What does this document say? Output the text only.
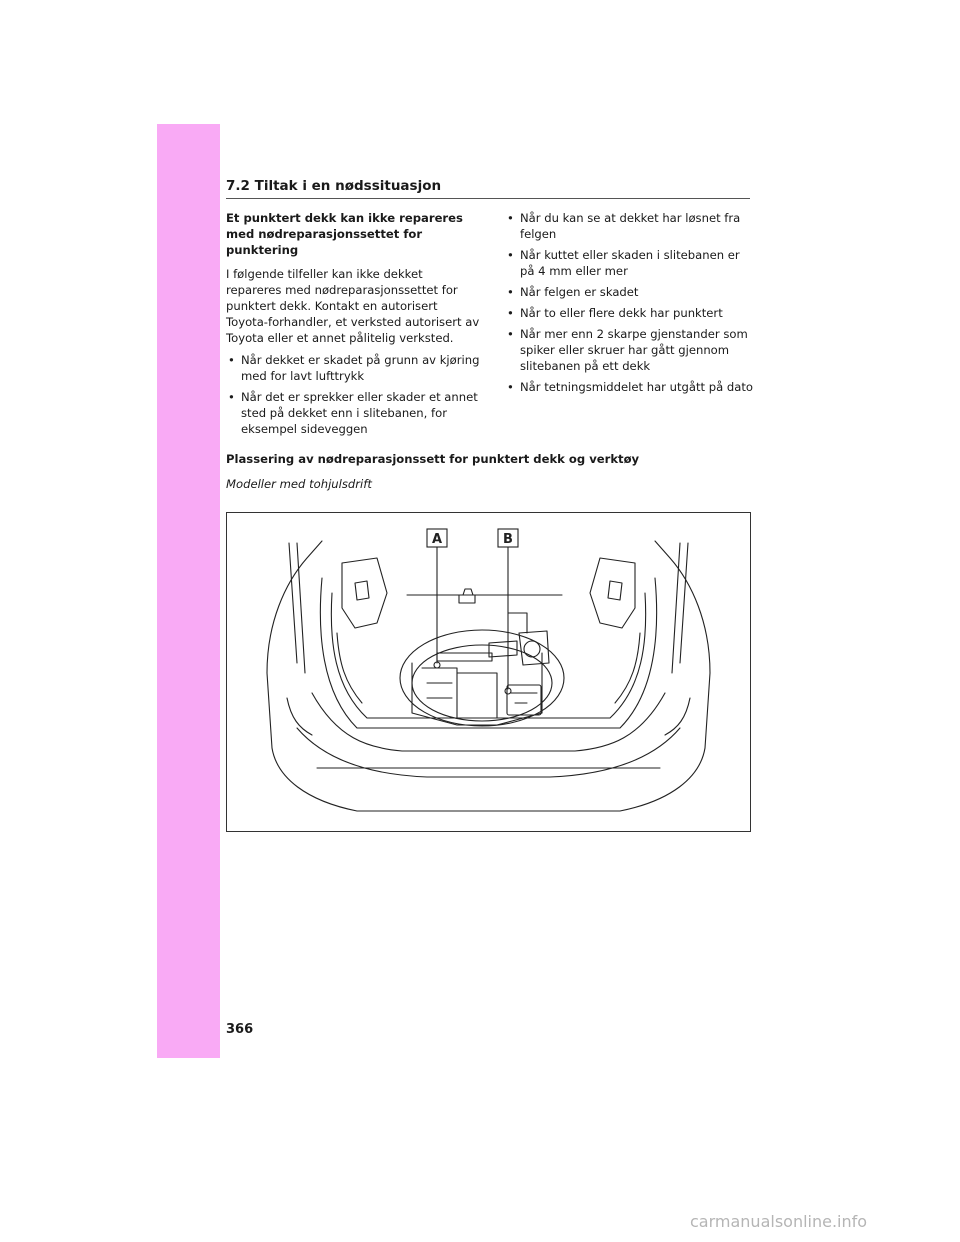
7.2 Tiltak i en nødssituasjon

Et punktert dekk kan ikke repareres med nødreparasjonssettet for punktering

I følgende tilfeller kan ikke dekket repareres med nødreparasjonssettet for punktert dekk. Kontakt en autorisert Toyota-forhandler, et verksted autorisert av Toyota eller et annet pålitelig verksted.

• Når dekket er skadet på grunn av kjøring med for lavt lufttrykk
• Når det er sprekker eller skader et annet sted på dekket enn i slitebanen, for eksempel sideveggen
• Når du kan se at dekket har løsnet fra felgen
• Når kuttet eller skaden i slitebanen er på 4 mm eller mer
• Når felgen er skadet
• Når to eller flere dekk har punktert
• Når mer enn 2 skarpe gjenstander som spiker eller skruer har gått gjennom slitebanen på ett dekk
• Når tetningsmiddelet har utgått på dato
Plassering av nødreparasjonssett for punktert dekk og verktøy
Modeller med tohjulsdrift
A	B
366
carmanualsonline.info
